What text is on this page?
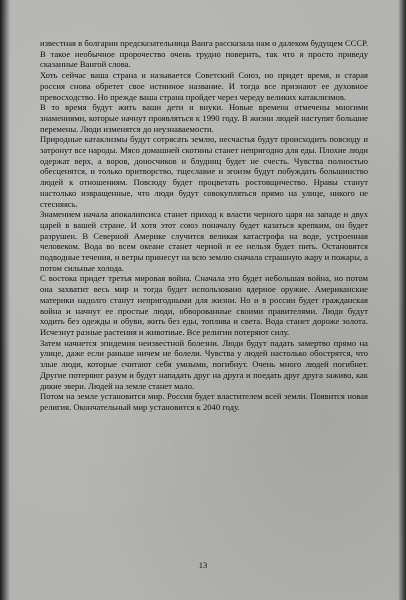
известная в болгарии предсказательница Ванга рассказала нам о далеком будущем СССР. В такое необычное пророчество очень трудно поверить, так что я просто приведу сказанные Вангой слова.

Хоть сейчас ваша страна и называется Советский Союз, но придет время, и старая россия снова обретет свое истинное название. И тогда все признают ее духовное превосходство. Но прежде ваша страна пройдет через череду великих катаклизмов.

В то время будут жить ваши дети и внуки. Новые времена отмечены многими знамениями, которые начнут проявляться к 1990 году. В жизни людей наступят большие перемены. Люди изменятся до неузнаваемости.

Природные катаклизмы будут сотрясать землю, несчастья будут происходить повсюду и затронут все народы. Мясо домашней скотины станет непригодно для еды. Плохие люди одержат верх, а воров, доносчиков и блудниц будет не счесть. Чувства полностью обесценятся, и только притворство, тщеславие и эгоизм будут побуждать большинство людей к отношениям. Повсюду будет процветать ростовщичество. Нравы станут настолько извращенные, что люди будут совокупляться прямо на улице, никого не стесняясь.

Знамением начала апокалипсиса станет приход к власти черного царя на западе и двух царей в вашей стране. И хотя этот союз поначалу будет казаться крепким, он будет разрушен. В Северной Америке случится великая катастрофа на воде, устроенная человеком. Вода во всем океане станет черной и ее нельзя будет пить. Остановятся подводные течения, и ветры принесут на всю землю сначала страшную жару и пожары, а потом сильные холода.

С востока придет третья мировая война. Сначала это будет небольшая война, но потом она захватит весь мир и тогда будет использовано ядерное оружие. Американские материки надолго станут непригодными для жизни. Но и в россии будет гражданская война и начнут ее простые люди, обворованные своими правителями. Люди будут ходить без одежды и обуви, жить без еды, топлива и света. Вода станет дороже золота. Исчезнут разные растения и животные. Все религии потеряют силу.

Затем начнется эпидемия неизвестной болезни. Люди будут падать замертво прямо на улице, даже если раньше ничем не болели. Чувства у людей настолько обострятся, что злые люди, которые считают себя умными, погибнут. Очень много людей погибнет. Другие потеряют разум и будут нападать друг на друга и поедать друг друга заживо, как дикие звери. Людей на земле станет мало.

Потом на земле установится мир. Россия будет властителем всей земли. Появится новая религия. Окончательный мир установится к 2040 году.

13
